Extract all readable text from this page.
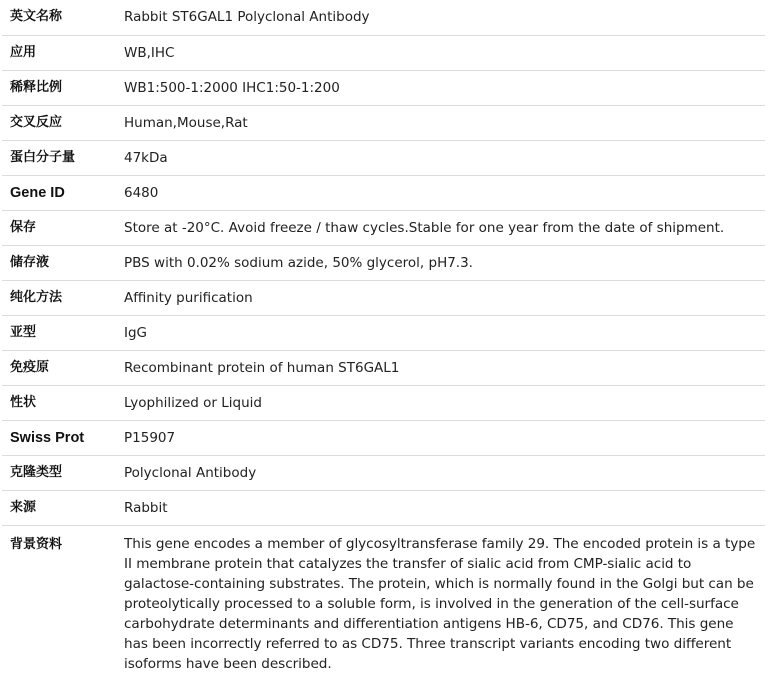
英文名称	Rabbit ST6GAL1 Polyclonal Antibody
应用	WB,IHC
稀释比例	WB1:500-1:2000 IHC1:50-1:200
交叉反应	Human,Mouse,Rat
蛋白分子量	47kDa
Gene ID	6480
保存	Store at -20°C. Avoid freeze / thaw cycles.Stable for one year from the date of shipment.
储存液	PBS with 0.02% sodium azide, 50% glycerol, pH7.3.
纯化方法	Affinity purification
亚型	IgG
免疫原	Recombinant protein of human ST6GAL1
性状	Lyophilized or Liquid
Swiss Prot	P15907
克隆类型	Polyclonal Antibody
来源	Rabbit
背景资料	This gene encodes a member of glycosyltransferase family 29. The encoded protein is a type II membrane protein that catalyzes the transfer of sialic acid from CMP-sialic acid to galactose-containing substrates. The protein, which is normally found in the Golgi but can be proteolytically processed to a soluble form, is involved in the generation of the cell-surface carbohydrate determinants and differentiation antigens HB-6, CD75, and CD76. This gene has been incorrectly referred to as CD75. Three transcript variants encoding two different isoforms have been described.
